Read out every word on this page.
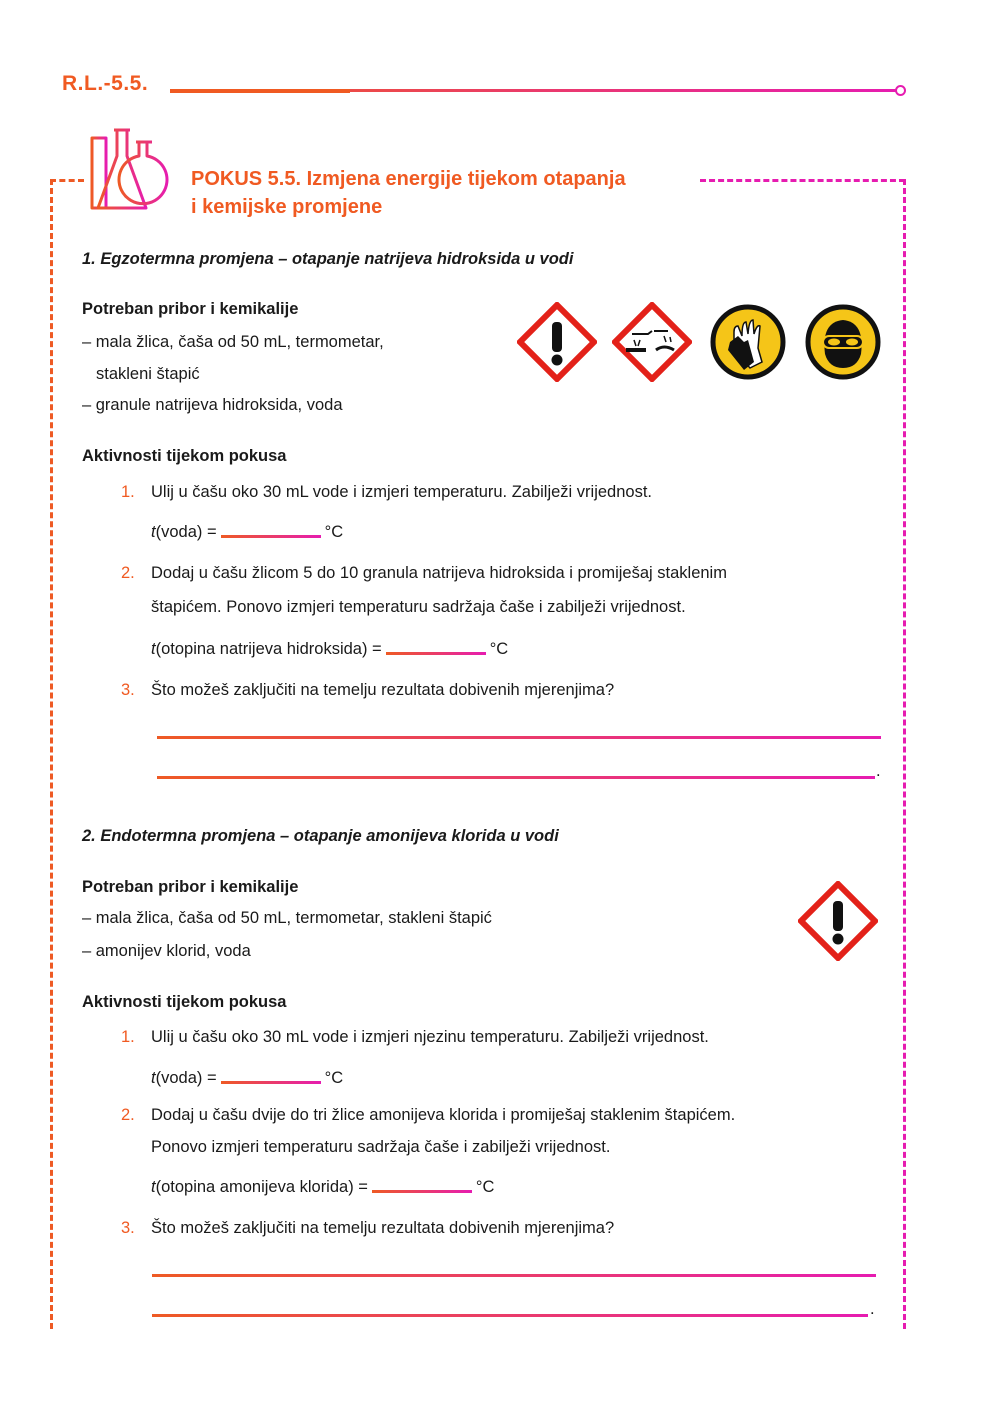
R.L.-5.5.
POKUS 5.5. Izmjena energije tijekom otapanja
i kemijske promjene
1. Egzotermna promjena – otapanje natrijeva hidroksida u vodi
Potreban pribor i kemikalije
– mala žlica, čaša od 50 mL, termometar,
stakleni štapić
– granule natrijeva hidroksida, voda
Aktivnosti tijekom pokusa
1. Ulij u čašu oko 30 mL vode i izmjeri temperaturu. Zabilježi vrijednost.
t(voda) =	°C
2. Dodaj u čašu žlicom 5 do 10 granula natrijeva hidroksida i promiješaj staklenim
štapićem. Ponovo izmjeri temperaturu sadržaja čaše i zabilježi vrijednost.
t(otopina natrijeva hidroksida) =	°C
3. Što možeš zaključiti na temelju rezultata dobivenih mjerenjima?
.
2. Endotermna promjena – otapanje amonijeva klorida u vodi
Potreban pribor i kemikalije
– mala žlica, čaša od 50 mL, termometar, stakleni štapić
– amonijev klorid, voda
Aktivnosti tijekom pokusa
1. Ulij u čašu oko 30 mL vode i izmjeri njezinu temperaturu. Zabilježi vrijednost.
t(voda) =	°C
2. Dodaj u čašu dvije do tri žlice amonijeva klorida i promiješaj staklenim štapićem.
Ponovo izmjeri temperaturu sadržaja čaše i zabilježi vrijednost.
t(otopina amonijeva klorida) =	°C
3. Što možeš zaključiti na temelju rezultata dobivenih mjerenjima?
.
